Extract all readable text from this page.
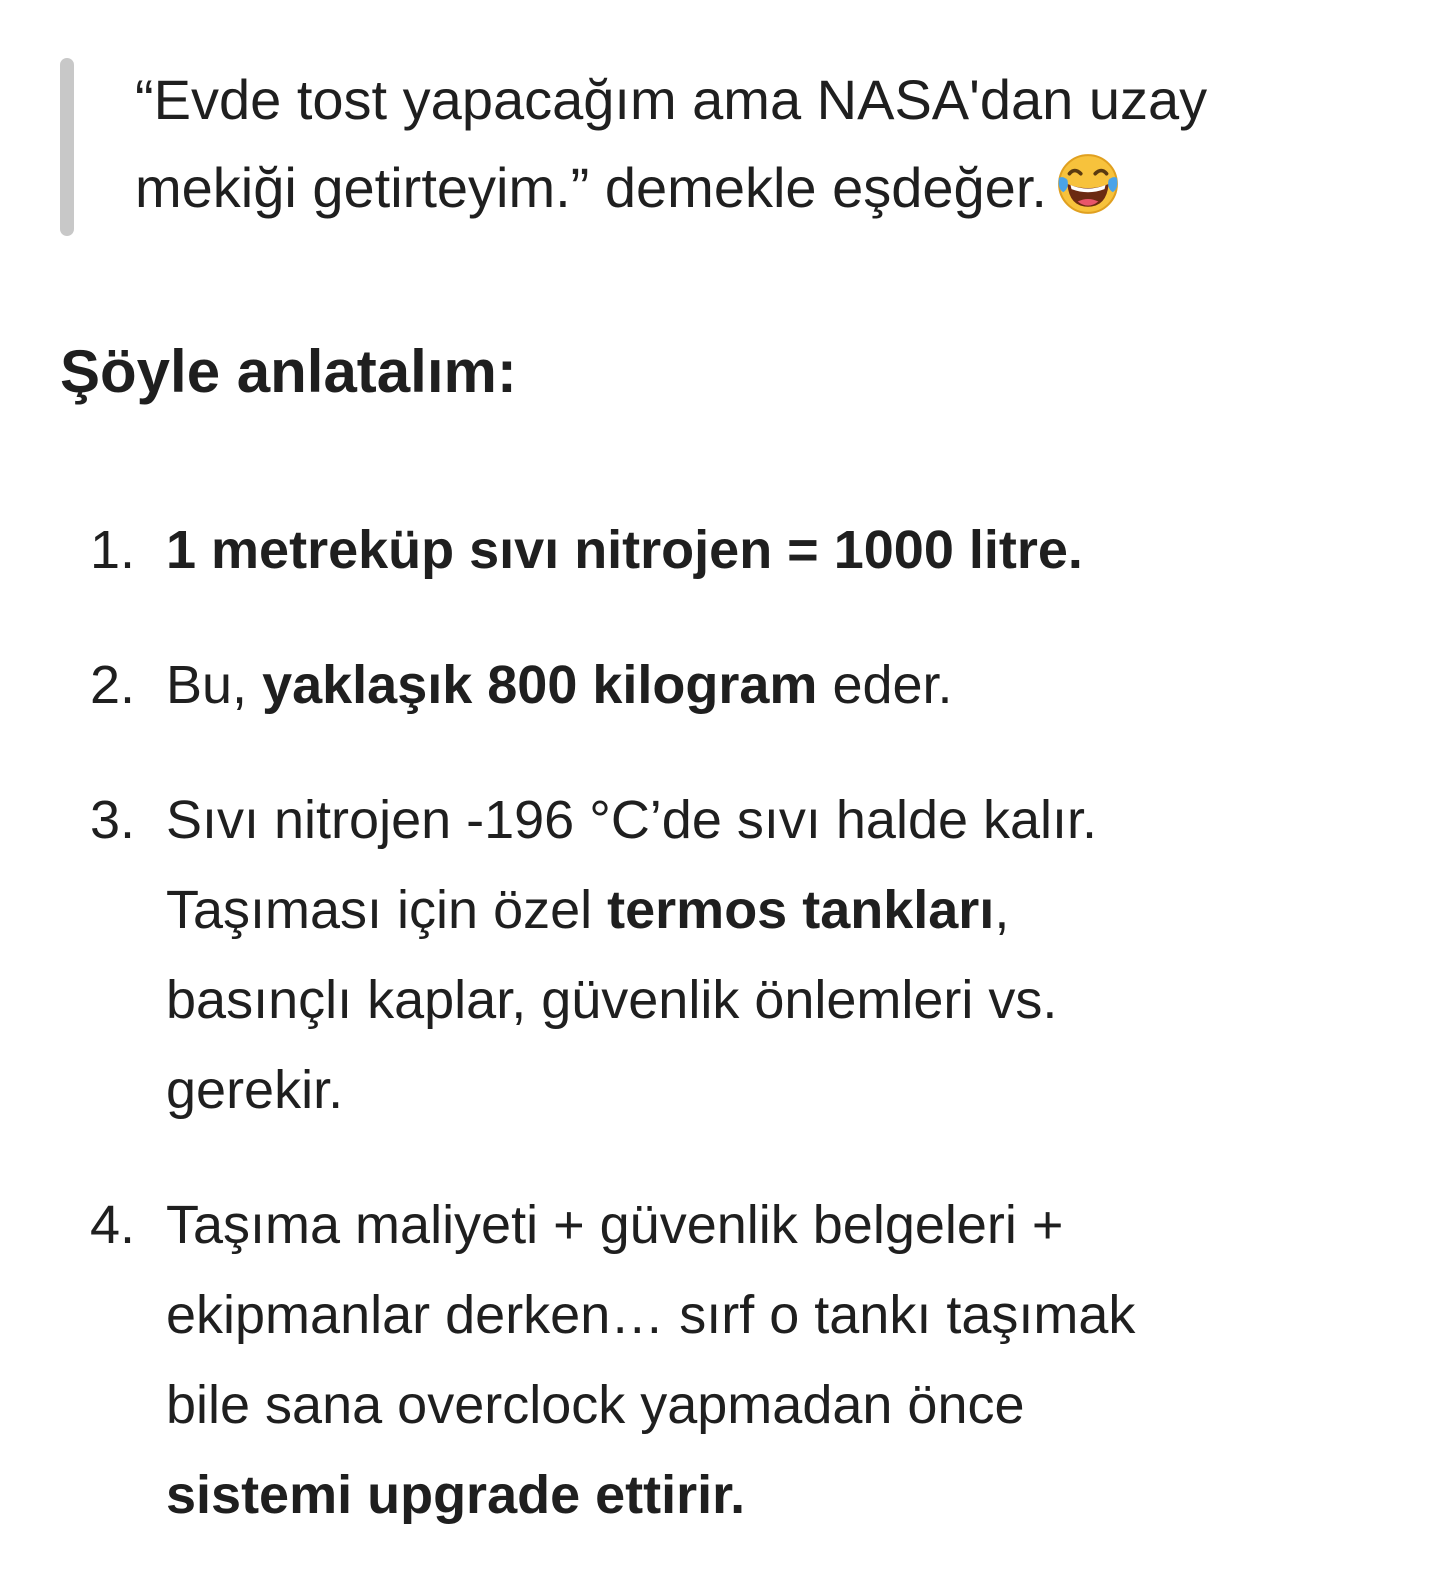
“Evde tost yapacağım ama NASA'dan uzay
mekiği getirteyim.” demekle eşdeğer.
Şöyle anlatalım:
1. 1 metreküp sıvı nitrojen = 1000 litre.
2. Bu, yaklaşık 800 kilogram eder.
3. Sıvı nitrojen -196 °C’de sıvı halde kalır.
Taşıması için özel termos tankları,
basınçlı kaplar, güvenlik önlemleri vs.
gerekir.
4. Taşıma maliyeti + güvenlik belgeleri +
ekipmanlar derken… sırf o tankı taşımak
bile sana overclock yapmadan önce
sistemi upgrade ettirir.
